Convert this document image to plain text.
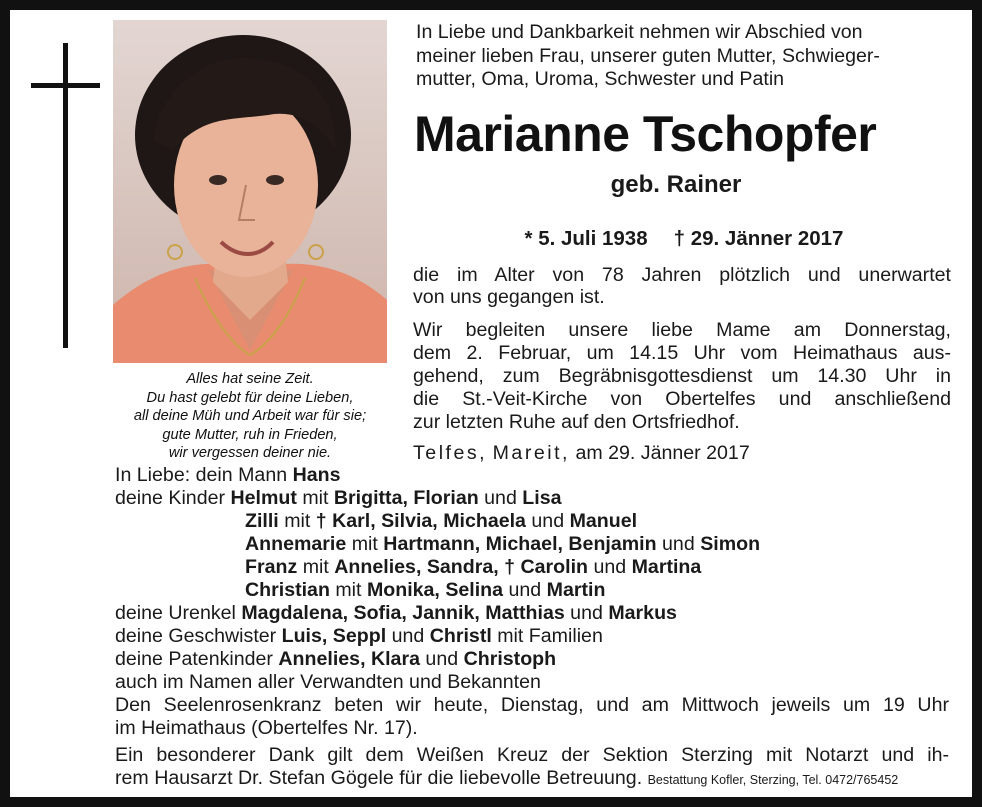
Alles hat seine Zeit.
Du hast gelebt für deine Lieben,
all deine Müh und Arbeit war für sie;
gute Mutter, ruh in Frieden,
wir vergessen deiner nie.
In Liebe und Dankbarkeit nehmen wir Abschied von
meiner lieben Frau, unserer guten Mutter, Schwieger-
mutter, Oma, Uroma, Schwester und Patin
Marianne Tschopfer
geb. Rainer
* 5. Juli 1938 † 29. Jänner 2017
die im Alter von 78 Jahren plötzlich und unerwartet
von uns gegangen ist.
Wir begleiten unsere liebe Mame am Donnerstag,
dem 2. Februar, um 14.15 Uhr vom Heimathaus aus-
gehend, zum Begräbnisgottesdienst um 14.30 Uhr in
die St.-Veit-Kirche von Obertelfes und anschließend
zur letzten Ruhe auf den Ortsfriedhof.
Telfes, Mareit, am 29. Jänner 2017
In Liebe: dein Mann Hans
deine Kinder Helmut mit Brigitta, Florian und Lisa
Zilli mit † Karl, Silvia, Michaela und Manuel
Annemarie mit Hartmann, Michael, Benjamin und Simon
Franz mit Annelies, Sandra, † Carolin und Martina
Christian mit Monika, Selina und Martin
deine Urenkel Magdalena, Sofia, Jannik, Matthias und Markus
deine Geschwister Luis, Seppl und Christl mit Familien
deine Patenkinder Annelies, Klara und Christoph
auch im Namen aller Verwandten und Bekannten
Den Seelenrosenkranz beten wir heute, Dienstag, und am Mittwoch jeweils um 19 Uhr
im Heimathaus (Obertelfes Nr. 17).
Ein besonderer Dank gilt dem Weißen Kreuz der Sektion Sterzing mit Notarzt und ih-
rem Hausarzt Dr. Stefan Gögele für die liebevolle Betreuung. Bestattung Kofler, Sterzing, Tel. 0472/765452
